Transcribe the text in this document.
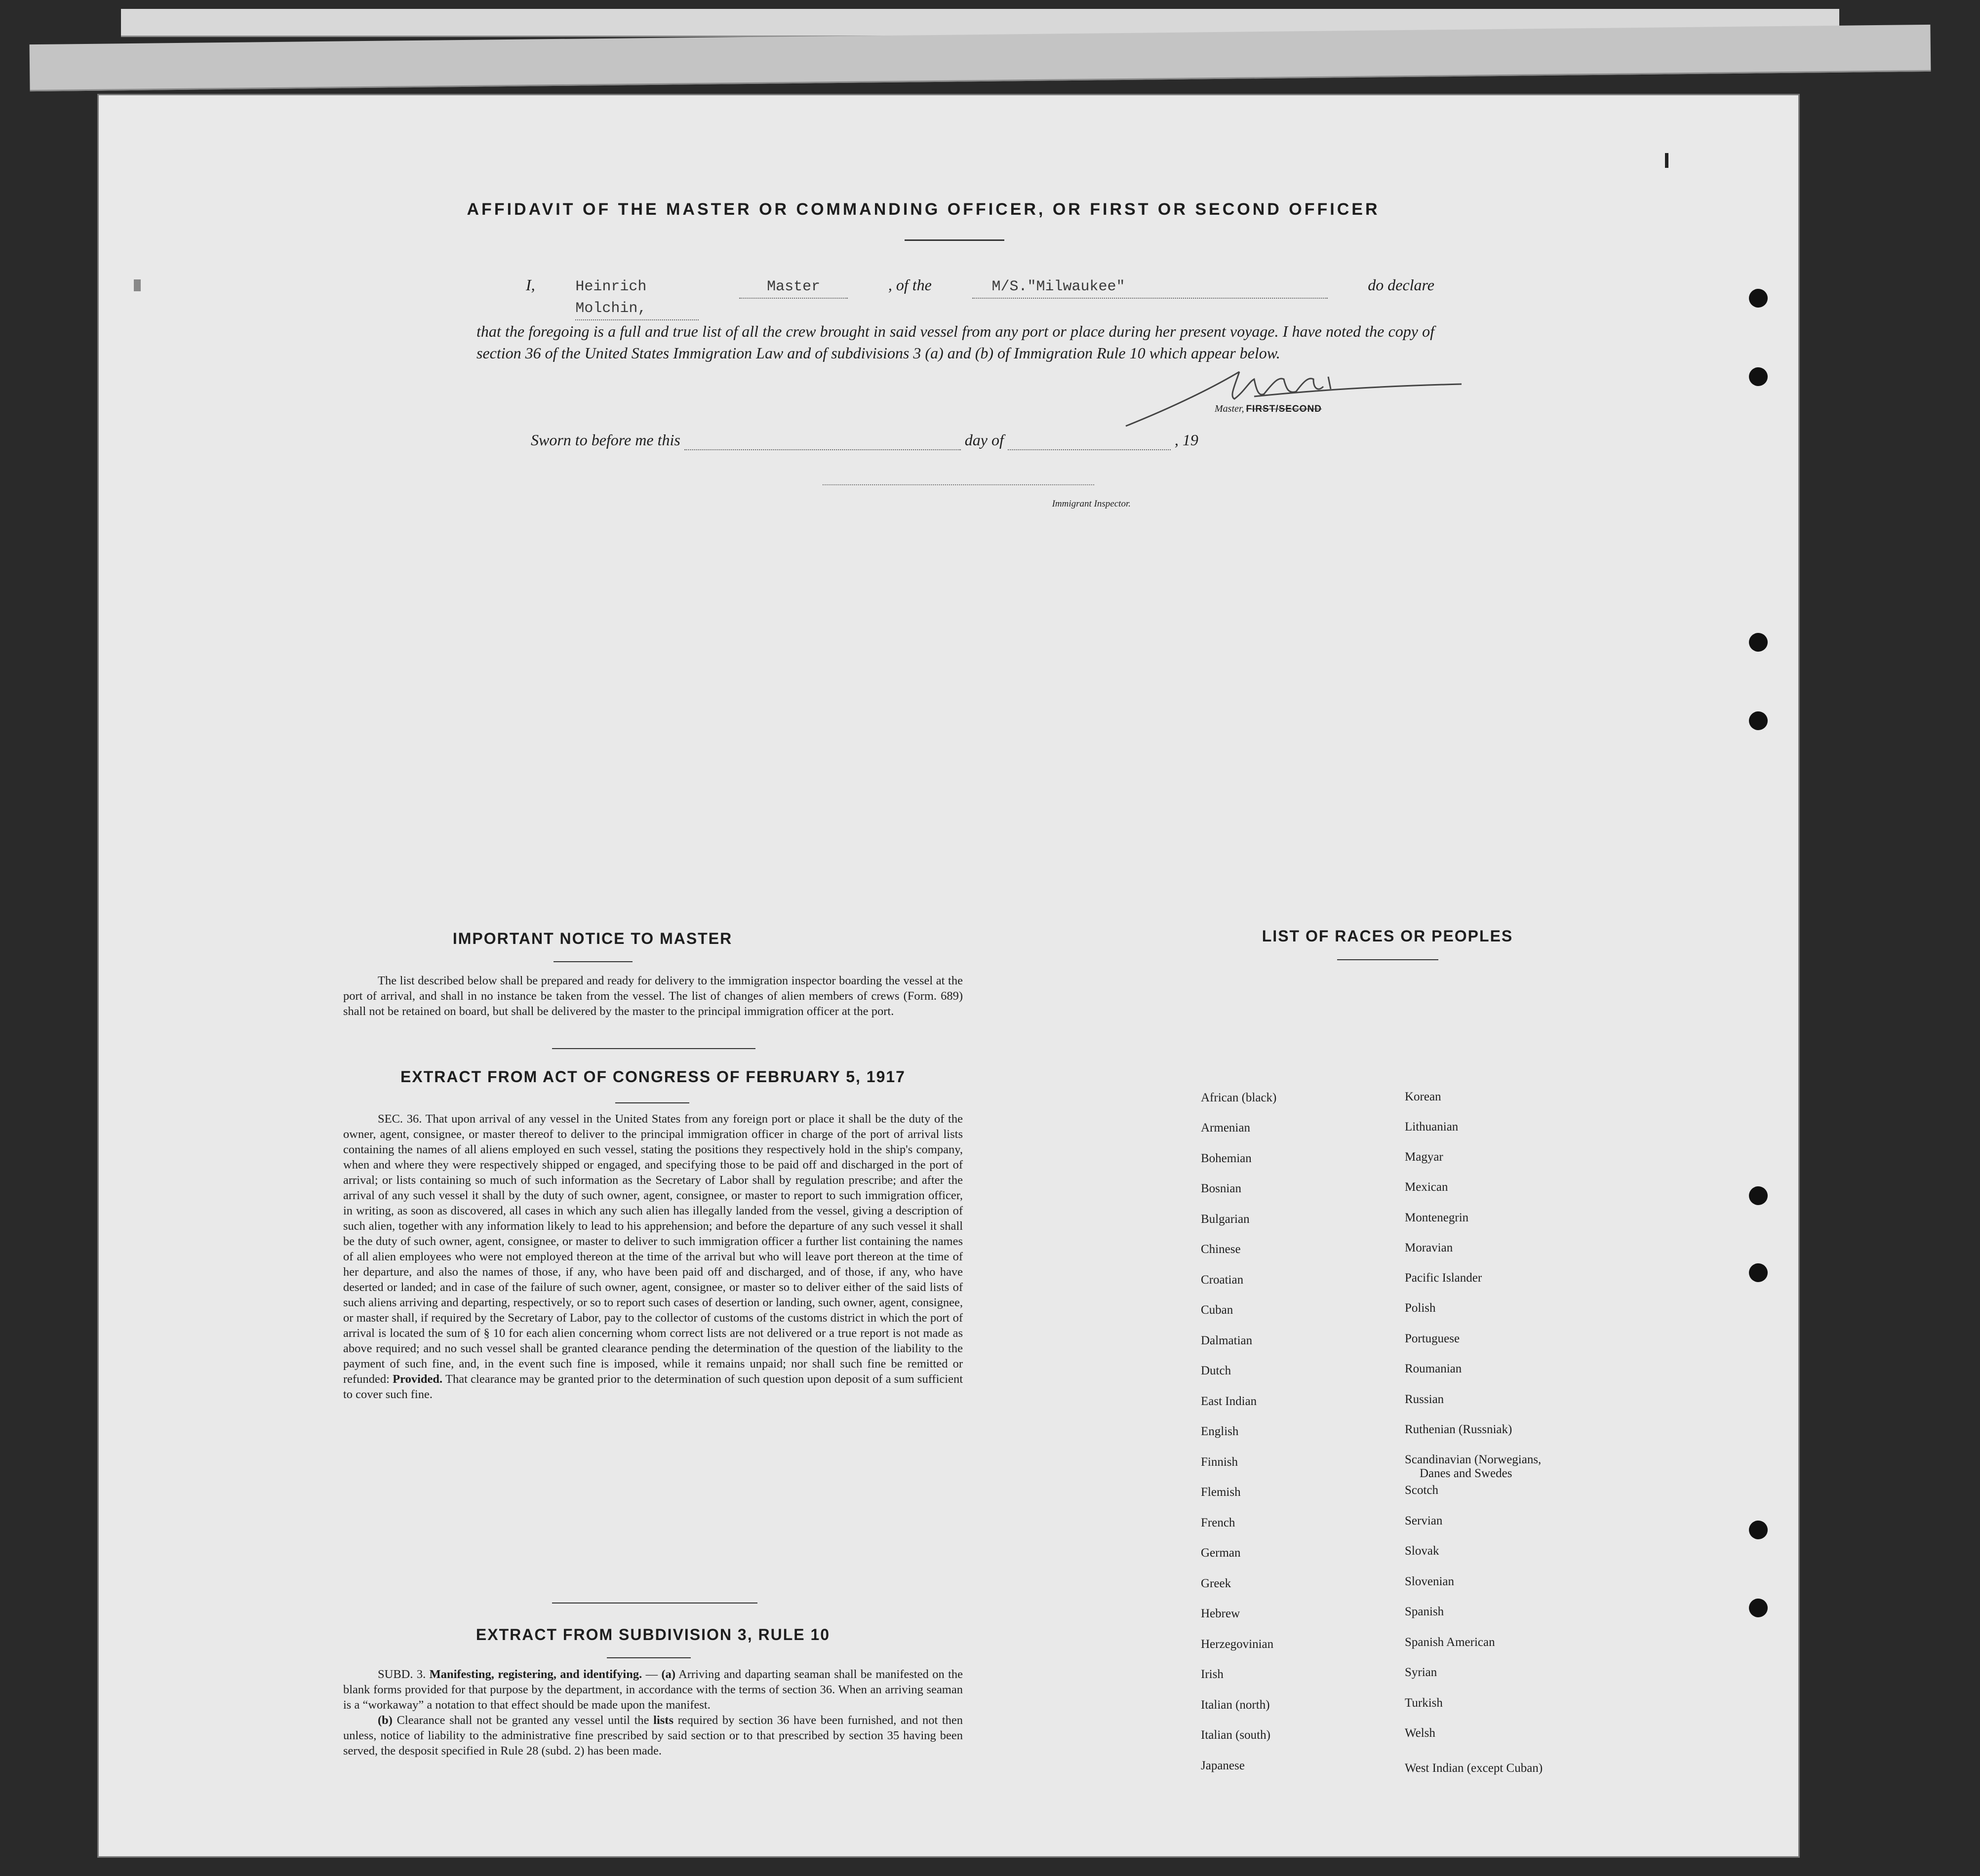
AFFIDAVIT OF THE MASTER OR COMMANDING OFFICER, OR FIRST OR SECOND OFFICER
I,	Heinrich Molchin,
Master	, of the	M/S."Milwaukee"	do declare
that the foregoing is a full and true list of all the crew brought in said vessel from any port or place during her present voyage. I have noted the copy of section 36 of the United States Immigration Law and of subdivisions 3 (a) and (b) of Immigration Rule 10 which appear below.
Master, FIRST/SECOND
Sworn to before me this	day of	, 19
Immigrant Inspector.
IMPORTANT NOTICE TO MASTER
The list described below shall be prepared and ready for delivery to the immigration inspector boarding the vessel at the port of arrival, and shall in no instance be taken from the vessel. The list of changes of alien members of crews (Form. 689) shall not be retained on board, but shall be delivered by the master to the principal immigration officer at the port.
EXTRACT FROM ACT OF CONGRESS OF FEBRUARY 5, 1917
SEC. 36. That upon arrival of any vessel in the United States from any foreign port or place it shall be the duty of the owner, agent, consignee, or master thereof to deliver to the principal immigration officer in charge of the port of arrival lists containing the names of all aliens employed en such vessel, stating the positions they respectively hold in the ship's company, when and where they were respectively shipped or engaged, and specifying those to be paid off and discharged in the port of arrival; or lists containing so much of such information as the Secretary of Labor shall by regulation prescribe; and after the arrival of any such vessel it shall by the duty of such owner, agent, consignee, or master to report to such immigration officer, in writing, as soon as discovered, all cases in which any such alien has illegally landed from the vessel, giving a description of such alien, together with any information likely to lead to his apprehension; and before the departure of any such vessel it shall be the duty of such owner, agent, consignee, or master to deliver to such immigration officer a further list containing the names of all alien employees who were not employed thereon at the time of the arrival but who will leave port thereon at the time of her departure, and also the names of those, if any, who have been paid off and discharged, and of those, if any, who have deserted or landed; and in case of the failure of such owner, agent, consignee, or master so to deliver either of the said lists of such aliens arriving and departing, respectively, or so to report such cases of desertion or landing, such owner, agent, consignee, or master shall, if required by the Secretary of Labor, pay to the collector of customs of the customs district in which the port of arrival is located the sum of § 10 for each alien concerning whom correct lists are not delivered or a true report is not made as above required; and no such vessel shall be granted clearance pending the determination of the question of the liability to the payment of such fine, and, in the event such fine is imposed, while it remains unpaid; nor shall such fine be remitted or refunded: Provided. That clearance may be granted prior to the determination of such question upon deposit of a sum sufficient to cover such fine.
EXTRACT FROM SUBDIVISION 3, RULE 10
SUBD. 3. Manifesting, registering, and identifying. — (a) Arriving and daparting seaman shall be manifested on the blank forms provided for that purpose by the department, in accordance with the terms of section 36. When an arriving seaman is a “workaway” a notation to that effect should be made upon the manifest.
(b) Clearance shall not be granted any vessel until the lists required by section 36 have been furnished, and not then unless, notice of liability to the administrative fine prescribed by said section or to that prescribed by section 35 having been served, the desposit specified in Rule 28 (subd. 2) has been made.
LIST OF RACES OR PEOPLES
African (black)
Armenian
Bohemian
Bosnian
Bulgarian
Chinese
Croatian
Cuban
Dalmatian
Dutch
East Indian
English
Finnish
Flemish
French
German
Greek
Hebrew
Herzegovinian
Irish
Italian (north)
Italian (south)
Japanese
Korean
Lithuanian
Magyar
Mexican
Montenegrin
Moravian
Pacific Islander
Polish
Portuguese
Roumanian
Russian
Ruthenian (Russniak)
Scandinavian (Norwegians,
Danes and Swedes
Scotch
Servian
Slovak
Slovenian
Spanish
Spanish American
Syrian
Turkish
Welsh
West Indian (except Cuban)
